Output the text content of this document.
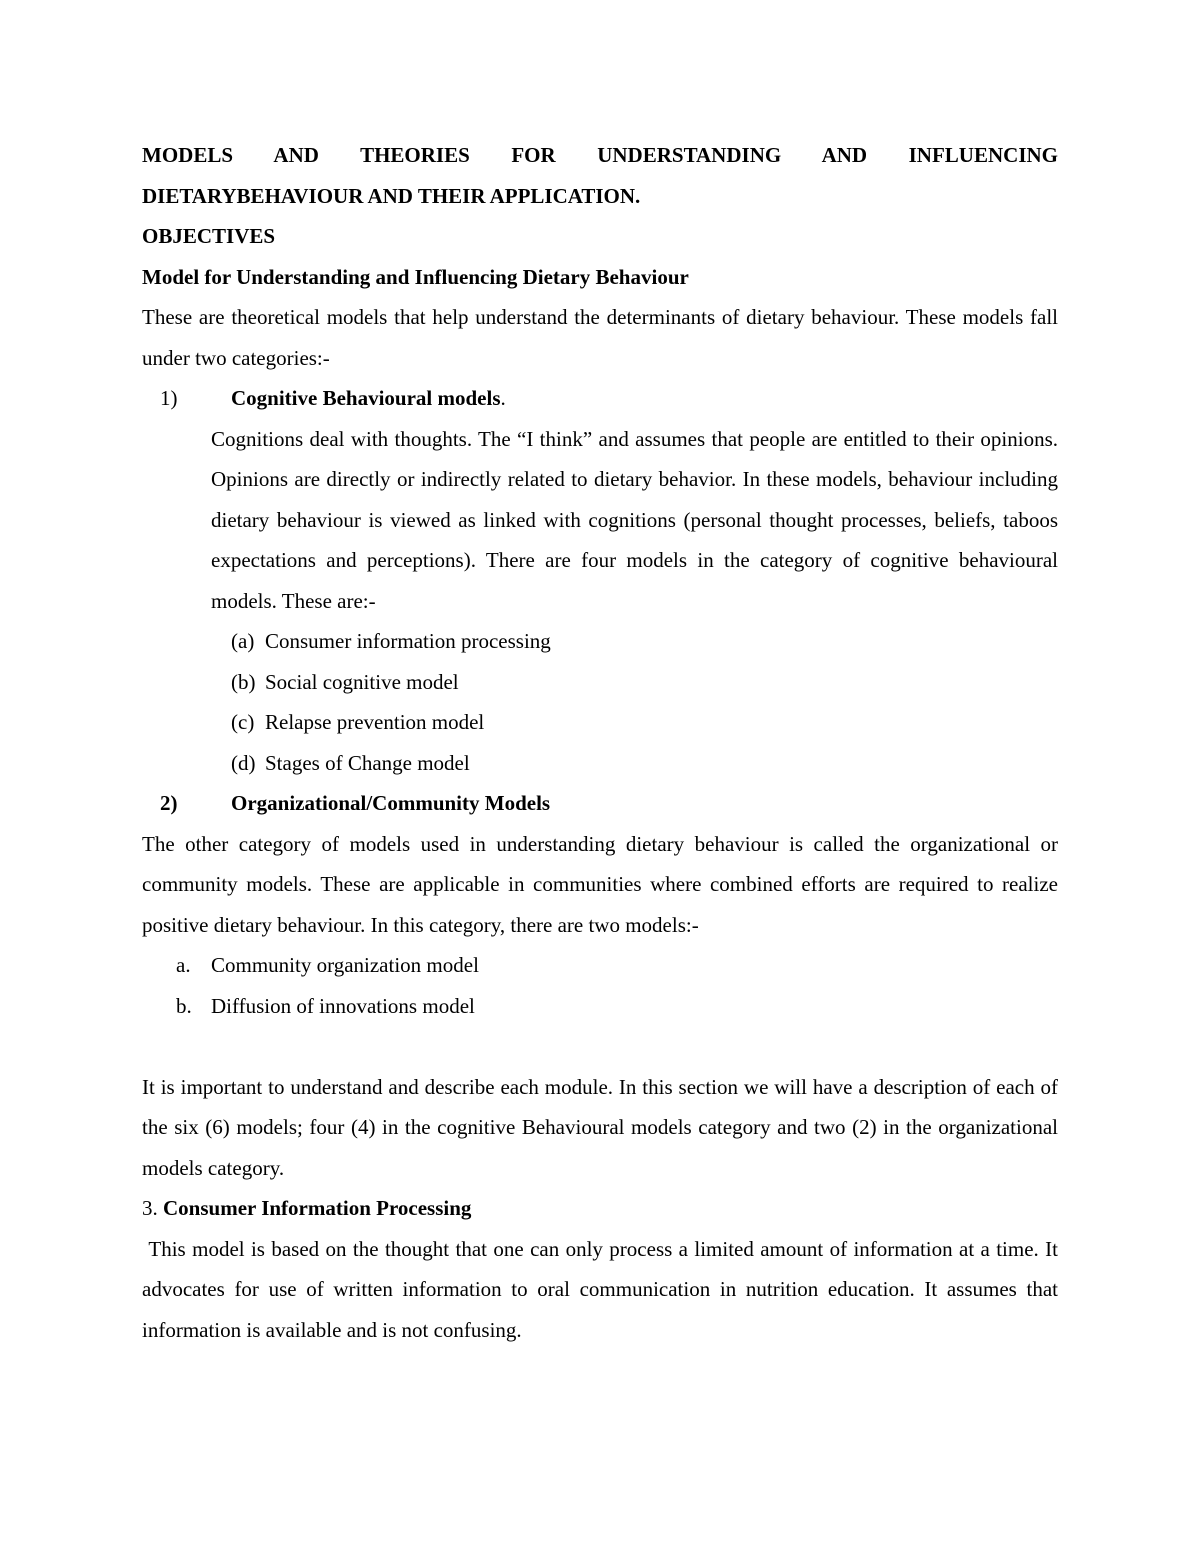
MODELS AND THEORIES FOR UNDERSTANDING AND INFLUENCING
DIETARYBEHAVIOUR AND THEIR APPLICATION.
OBJECTIVES
Model for Understanding and Influencing Dietary Behaviour

These are theoretical models that help understand the determinants of dietary behaviour. These models fall under two categories:-

1)	Cognitive Behavioural models.

Cognitions deal with thoughts. The “I think” and assumes that people are entitled to their opinions. Opinions are directly or indirectly related to dietary behavior. In these models, behaviour including dietary behaviour is viewed as linked with cognitions (personal thought processes, beliefs, taboos expectations and perceptions). There are four models in the category of cognitive behavioural models. These are:-

(a) Consumer information processing
(b) Social cognitive model
(c) Relapse prevention model
(d) Stages of Change model
2)	Organizational/Community Models

The other category of models used in understanding dietary behaviour is called the organizational or community models. These are applicable in communities where combined efforts are required to realize positive dietary behaviour. In this category, there are two models:-

a. Community organization model
b. Diffusion of innovations model

It is important to understand and describe each module. In this section we will have a description of each of the six (6) models; four (4) in the cognitive Behavioural models category and two (2) in the organizational models category.

3. Consumer Information Processing

This model is based on the thought that one can only process a limited amount of information at a time. It advocates for use of written information to oral communication in nutrition education. It assumes that information is available and is not confusing.
